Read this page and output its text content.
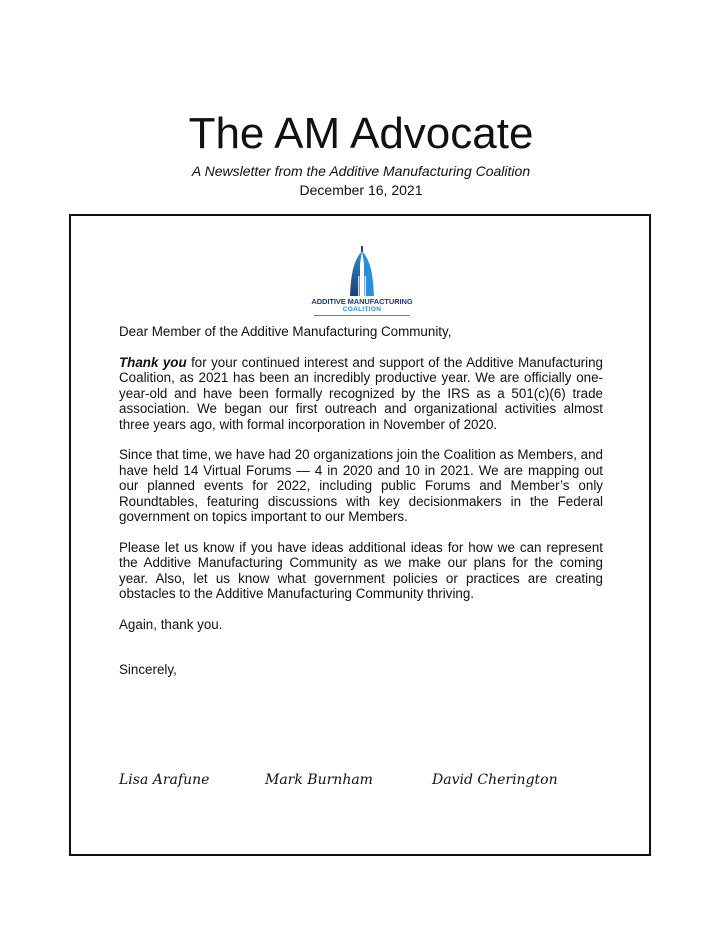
The AM Advocate
A Newsletter from the Additive Manufacturing Coalition
December 16, 2021
ADDITIVE MANUFACTURING
COALITION

Dear Member of the Additive Manufacturing Community,

Thank you for your continued interest and support of the Additive Manufacturing Coalition, as 2021 has been an incredibly productive year. We are officially one-year-old and have been formally recognized by the IRS as a 501(c)(6) trade association. We began our first outreach and organizational activities almost three years ago, with formal incorporation in November of 2020.

Since that time, we have had 20 organizations join the Coalition as Members, and have held 14 Virtual Forums — 4 in 2020 and 10 in 2021. We are mapping out our planned events for 2022, including public Forums and Member’s only Roundtables, featuring discussions with key decisionmakers in the Federal government on topics important to our Members.

Please let us know if you have ideas additional ideas for how we can represent the Additive Manufacturing Community as we make our plans for the coming year. Also, let us know what government policies or practices are creating obstacles to the Additive Manufacturing Community thriving.

Again, thank you.

Sincerely,

Lisa Arafune	Mark Burnham	David Cherington
